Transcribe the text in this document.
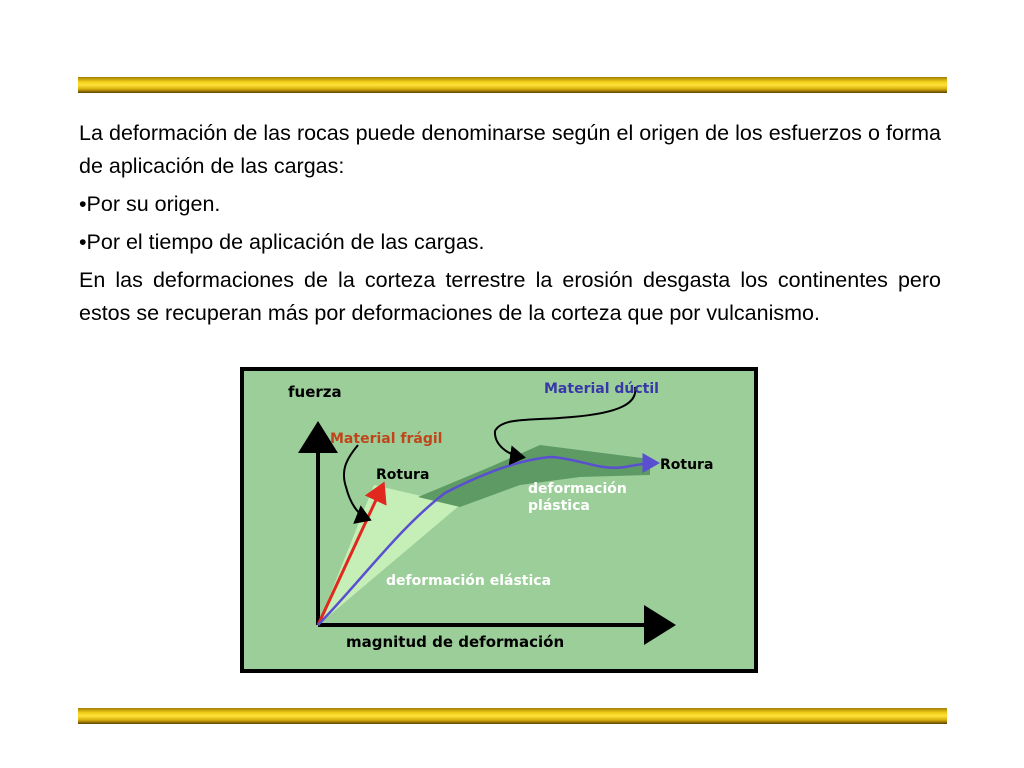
La deformación de las rocas puede denominarse según el origen de los esfuerzos o forma de aplicación de las cargas:

•Por su origen.

•Por el tiempo de aplicación de las cargas.

En las deformaciones de la corteza terrestre la erosión desgasta los continentes pero estos se recuperan más por deformaciones de la corteza que por vulcanismo.

fuerza
magnitud de deformación
Material dúctil
Material frágil
Rotura
Rotura
deformación
plástica
deformación elástica
